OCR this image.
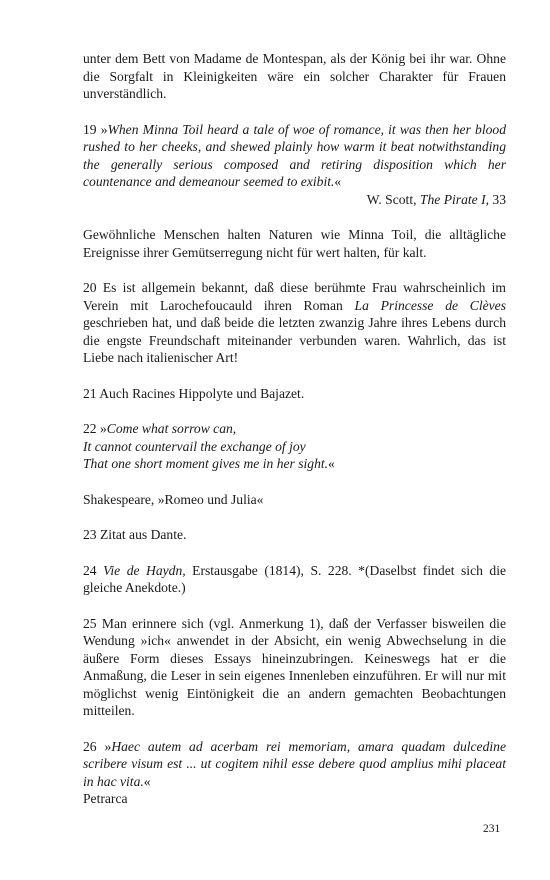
unter dem Bett von Madame de Montespan, als der König bei ihr war. Ohne die Sorgfalt in Kleinigkeiten wäre ein solcher Charakter für Frauen unverständlich.

19 »When Minna Toil heard a tale of woe of romance, it was then her blood rushed to her cheeks, and shewed plainly how warm it beat notwithstanding the generally serious composed and retiring disposition which her countenance and demeanour seemed to exibit.«

W. Scott, The Pirate I, 33

Gewöhnliche Menschen halten Naturen wie Minna Toil, die alltägliche Ereignisse ihrer Gemütserregung nicht für wert halten, für kalt.

20 Es ist allgemein bekannt, daß diese berühmte Frau wahrscheinlich im Verein mit Larochefoucauld ihren Roman La Princesse de Clèves geschrieben hat, und daß beide die letzten zwanzig Jahre ihres Lebens durch die engste Freundschaft miteinander verbunden waren. Wahrlich, das ist Liebe nach italienischer Art!

21 Auch Racines Hippolyte und Bajazet.

22 »Come what sorrow can,
It cannot countervail the exchange of joy
That one short moment gives me in her sight.«

Shakespeare, »Romeo und Julia«

23 Zitat aus Dante.

24 Vie de Haydn, Erstausgabe (1814), S. 228. *(Daselbst findet sich die gleiche Anekdote.)

25 Man erinnere sich (vgl. Anmerkung 1), daß der Verfasser bisweilen die Wendung »ich« anwendet in der Absicht, ein wenig Abwechselung in die äußere Form dieses Essays hineinzubringen. Keineswegs hat er die Anmaßung, die Leser in sein eigenes Innenleben einzuführen. Er will nur mit möglichst wenig Eintönigkeit die an andern gemachten Beobachtungen mitteilen.

26 »Haec autem ad acerbam rei memoriam, amara quadam dulcedine scribere visum est ... ut cogitem nihil esse debere quod amplius mihi placeat in hac vita.«

Petrarca

231
